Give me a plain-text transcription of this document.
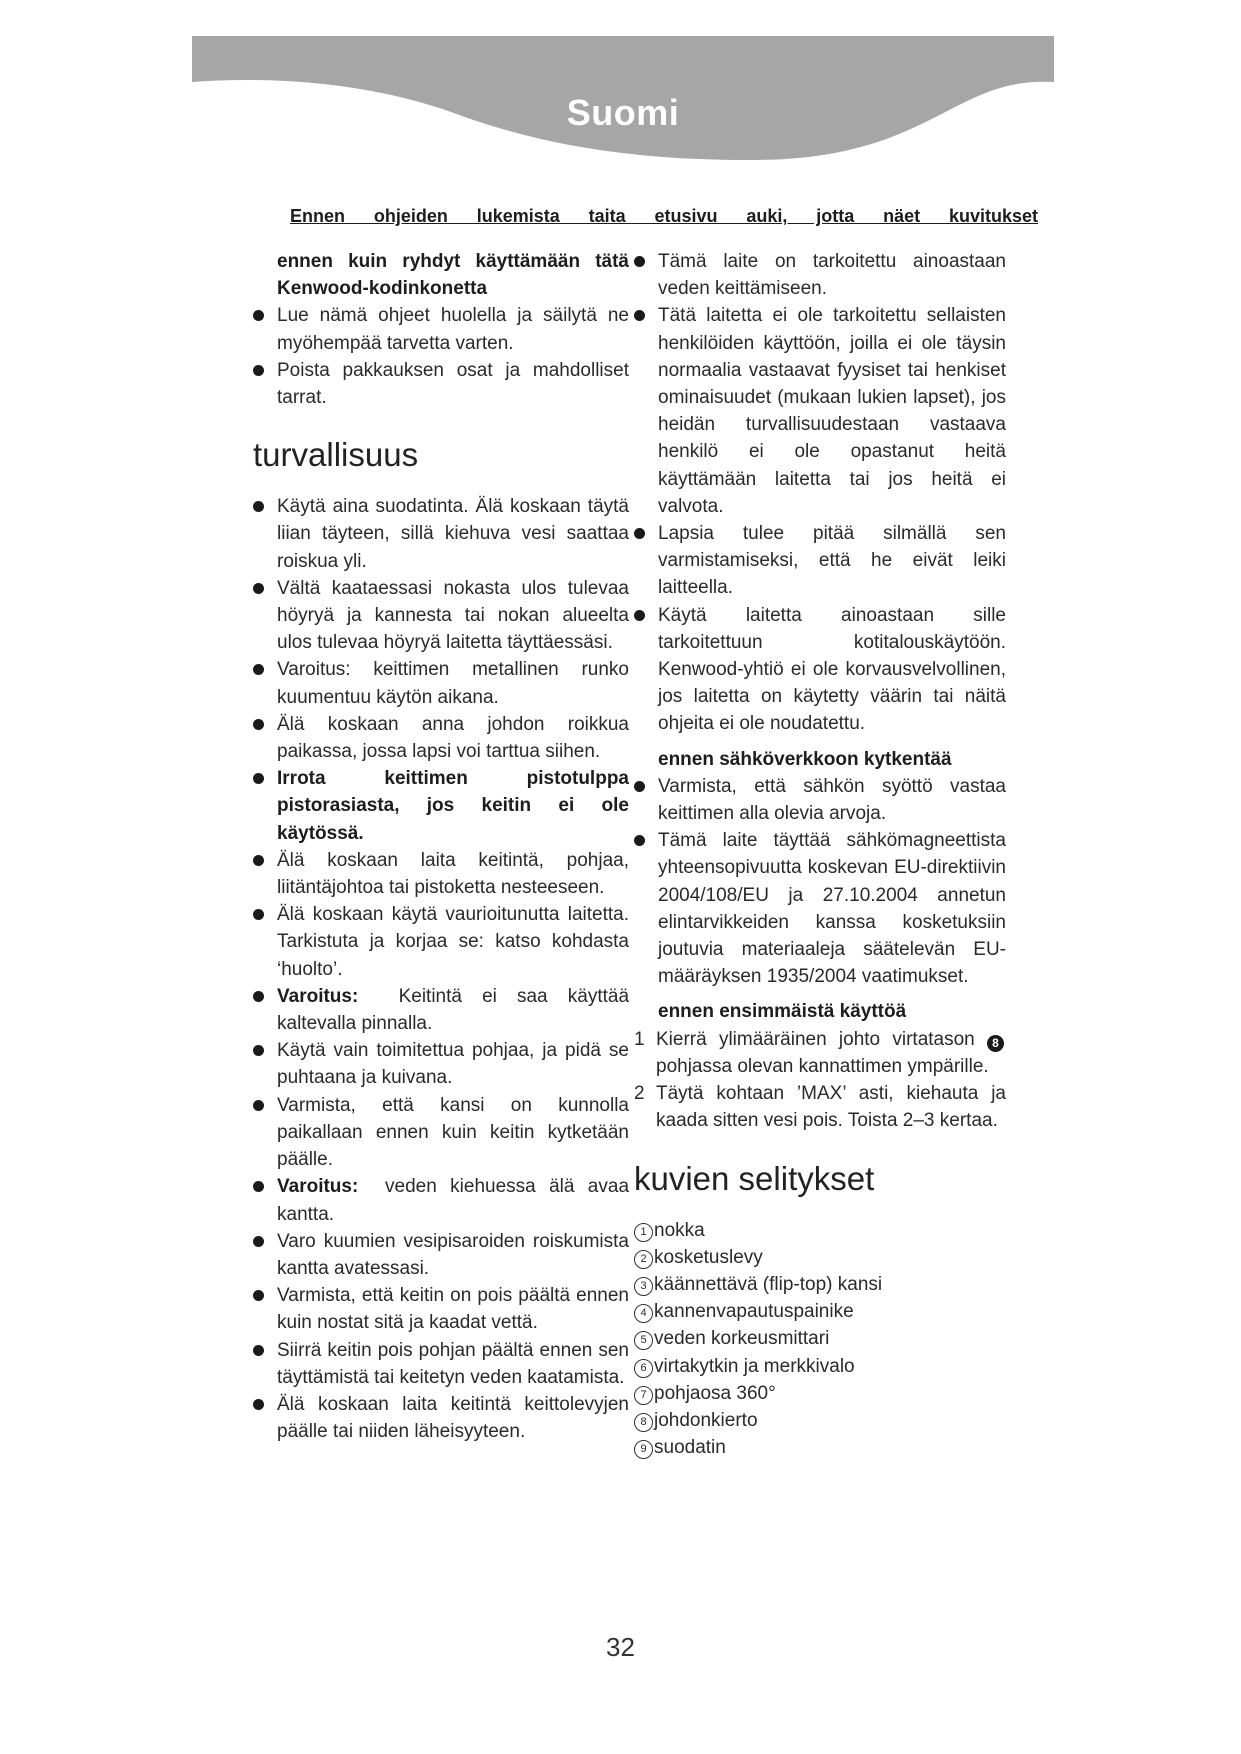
Suomi
Ennen ohjeiden lukemista taita etusivu auki, jotta näet kuvitukset
ennen kuin ryhdyt käyttämään tätä Kenwood-kodinkonetta
Lue nämä ohjeet huolella ja säilytä ne myöhempää tarvetta varten.
Poista pakkauksen osat ja mahdolliset tarrat.
turvallisuus
Käytä aina suodatinta. Älä koskaan täytä liian täyteen, sillä kiehuva vesi saattaa roiskua yli.
Vältä kaataessasi nokasta ulos tulevaa höyryä ja kannesta tai nokan alueelta ulos tulevaa höyryä laitetta täyttäessäsi.
Varoitus: keittimen metallinen runko kuumentuu käytön aikana.
Älä koskaan anna johdon roikkua paikassa, jossa lapsi voi tarttua siihen.
Irrota keittimen pistotulppa pistorasiasta, jos keitin ei ole käytössä.
Älä koskaan laita keitintä, pohjaa, liitäntäjohtoa tai pistokettа nesteeseen.
Älä koskaan käytä vaurioitunutta laitetta. Tarkistuta ja korjaa se: katso kohdasta ‘huolto’.
Varoitus: Keitintä ei saa käyttää kaltevalla pinnalla.
Käytä vain toimitettua pohjaa, ja pidä se puhtaana ja kuivana.
Varmista, että kansi on kunnolla paikallaan ennen kuin keitin kytketään päälle.
Varoitus: veden kiehuessa älä avaa kantta.
Varo kuumien vesipisaroiden roiskumista kantta avatessasi.
Varmista, että keitin on pois päältä ennen kuin nostat sitä ja kaadat vettä.
Siirrä keitin pois pohjan päältä ennen sen täyttämistä tai keitetyn veden kaatamista.
Älä koskaan laita keitintä keittolevyjen päälle tai niiden läheisyyteen.
Tämä laite on tarkoitettu ainoastaan veden keittämiseen.
Tätä laitetta ei ole tarkoitettu sellaisten henkilöiden käyttöön, joilla ei ole täysin normaalia vastaavat fyysiset tai henkiset ominaisuudet (mukaan lukien lapset), jos heidän turvallisuudestaan vastaava henkilö ei ole opastanut heitä käyttämään laitetta tai jos heitä ei valvota.
Lapsia tulee pitää silmällä sen varmistamiseksi, että he eivät leiki laitteella.
Käytä laitetta ainoastaan sille tarkoitettuun kotitalouskäytöön. Kenwood-yhtiö ei ole korvausvelvollinen, jos laitetta on käytetty väärin tai näitä ohjeita ei ole noudatettu.
ennen sähköverkkoon kytkentää
Varmista, että sähkön syöttö vastaa keittimen alla olevia arvoja.
Tämä laite täyttää sähkömagneettista yhteensopivuutta koskevan EU-direktiivin 2004/108/EU ja 27.10.2004 annetun elintarvikkeiden kanssa kosketuksiin joutuvia materiaaleja säätelevän EU-määräyksen 1935/2004 vaatimukset.
ennen ensimmäistä käyttöä
1 Kierrä ylimääräinen johto virtatason 8pohjassa olevan kannattimen ympärille.
2 Täytä kohtaan ’MAX’ asti, kiehauta ja kaada sitten vesi pois. Toista 2–3 kertaa.
kuvien selitykset
1 nokka
2 kosketuslevy
3 käännettävä (flip-top) kansi
4 kannenvapautuspainike
5 veden korkeusmittari
6 virtakytkin ja merkkivalo
7 pohjaosa 360°
8 johdonkierto
9 suodatin
32
